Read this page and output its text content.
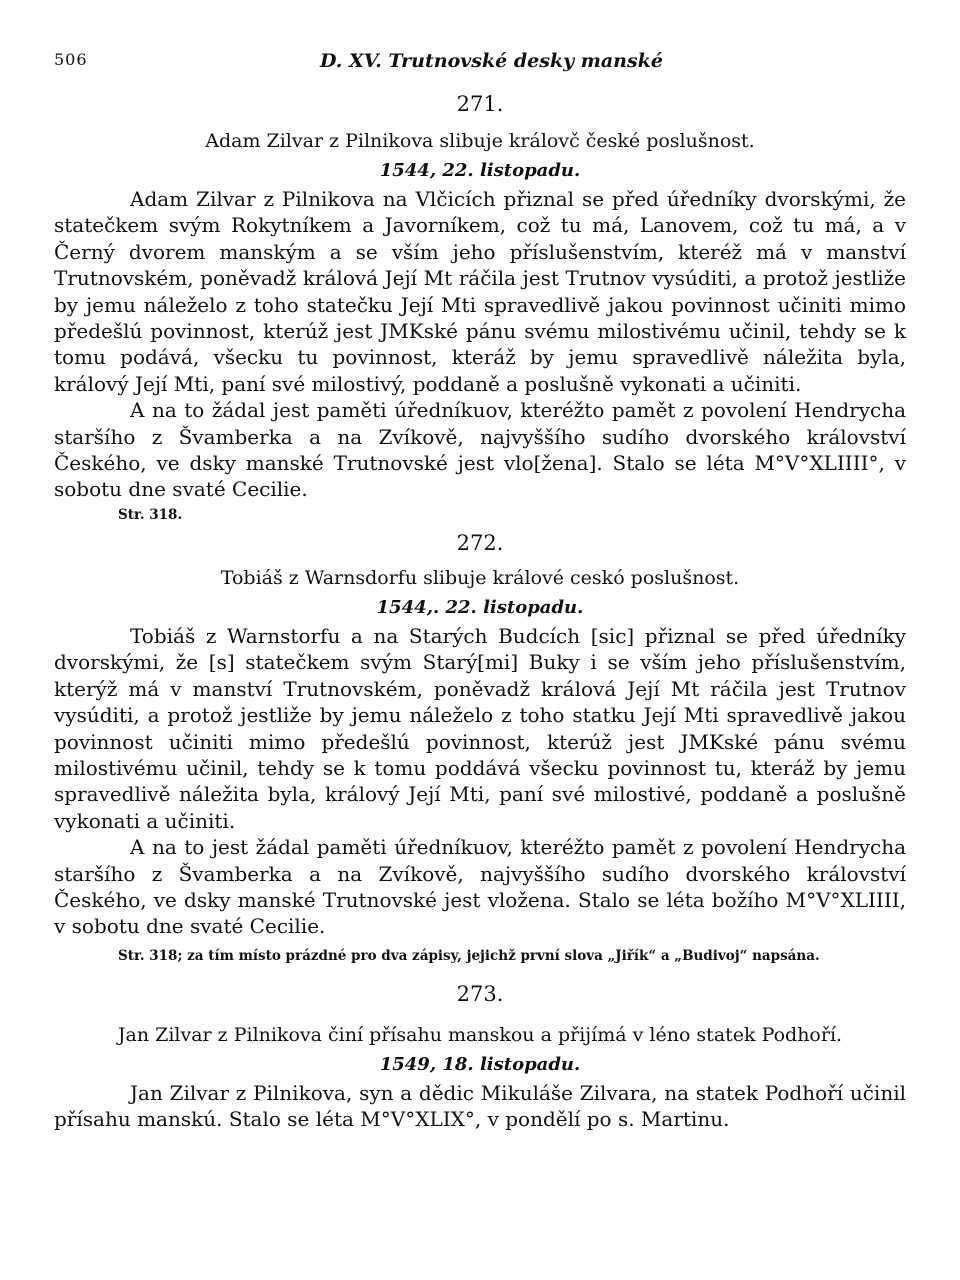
506	D. XV. Trutnovské desky manské
271.
Adam Zilvar z Pilnikova slibuje královč české poslušnost.
1544, 22. listopadu.

Adam Zilvar z Pilnikova na Vlčicích přiznal se před úředníky dvorskými, že statečkem svým Rokytníkem a Javorníkem, což tu má, Lanovem, což tu má, a v Černý dvorem manským a se vším jeho příslušenstvím, kteréž má v manství Trutnovském, poněvadž králová Její Mt ráčila jest Trutnov vysúditi, a protož jestliže by jemu náleželo z toho statečku Její Mti spravedlivě jakou povinnost učiniti mimo předešlú povinnost, kterúž jest JMKské pánu svému milostivému učinil, tehdy se k tomu podává, všecku tu povinnost, kteráž by jemu spravedlivě náležita byla, králový Její Mti, paní své milostivý, poddaně a poslušně vykonati a učiniti.

A na to žádal jest paměti úředníkuov, kteréžto pamět z povolení Hendrycha staršího z Švamberka a na Zvíkově, najvyššího sudího dvorského království Českého, ve dsky manské Trutnovské jest vlo[žena]. Stalo se léta M°V°XLIIII°, v sobotu dne svaté Cecilie.

Str. 318.
272.
Tobiáš z Warnsdorfu slibuje králové ceskó poslušnost.
1544,. 22. listopadu.

Tobiáš z Warnstorfu a na Starých Budcích [sic] přiznal se před úředníky dvorskými, že [s] statečkem svým Starý[mi] Buky i se vším jeho příslušenstvím, kterýž má v manství Trutnovském, poněvadž králová Její Mt ráčila jest Trutnov vysúditi, a protož jestliže by jemu náleželo z toho statku Její Mti spravedlivě jakou povinnost učiniti mimo předešlú povinnost, kterúž jest JMKské pánu svému milostivému učinil, tehdy se k tomu poddává všecku povinnost tu, kteráž by jemu spravedlivě náležita byla, králový Její Mti, paní své milostivé, poddaně a poslušně vykonati a učiniti.

A na to jest žádal paměti úředníkuov, kteréžto pamět z povolení Hendrycha staršího z Švamberka a na Zvíkově, najvyššího sudího dvorského království Českého, ve dsky manské Trutnovské jest vložena. Stalo se léta božího M°V°XLIIII, v sobotu dne svaté Cecilie.

Str. 318; za tím místo prázdné pro dva zápisy, jejichž první slova „Jiřík“ a „Budivoj“ napsána.
273.
Jan Zilvar z Pilnikova činí přísahu manskou a přijímá v léno statek Podhoří.
1549, 18. listopadu.

Jan Zilvar z Pilnikova, syn a dědic Mikuláše Zilvara, na statek Podhoří učinil přísahu manskú. Stalo se léta M°V°XLIX°, v pondělí po s. Martinu.
